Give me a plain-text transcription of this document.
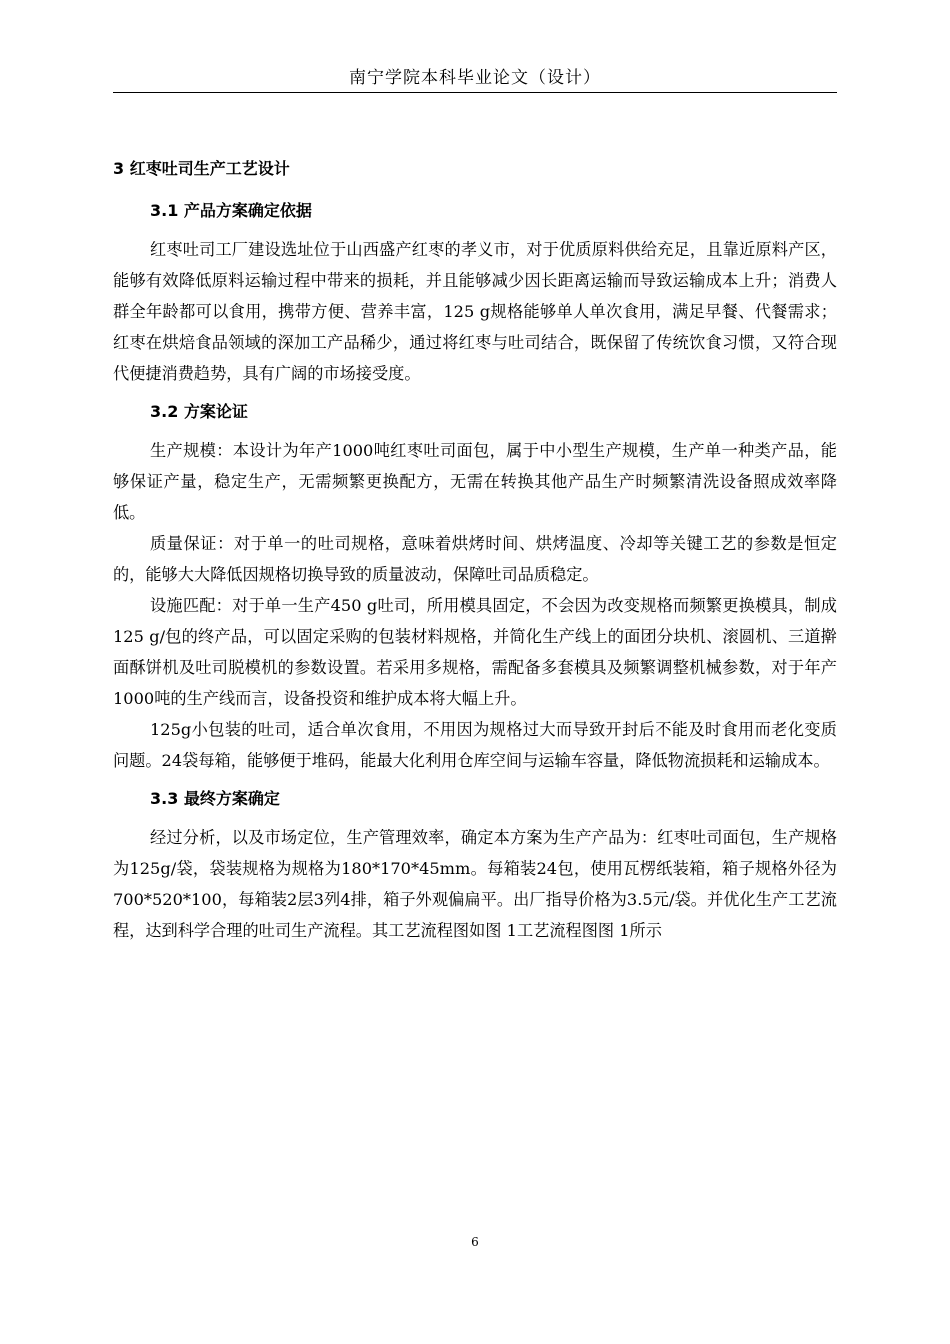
南宁学院本科毕业论文（设计）
3 红枣吐司生产工艺设计
3.1 产品方案确定依据

红枣吐司工厂建设选址位于山西盛产红枣的孝义市，对于优质原料供给充足，且靠近原料产区，能够有效降低原料运输过程中带来的损耗，并且能够减少因长距离运输而导致运输成本上升；消费人群全年龄都可以食用，携带方便、营养丰富，125 g规格能够单人单次食用，满足早餐、代餐需求；红枣在烘焙食品领域的深加工产品稀少，通过将红枣与吐司结合，既保留了传统饮食习惯，又符合现代便捷消费趋势，具有广阔的市场接受度。

3.2 方案论证

生产规模：本设计为年产1000吨红枣吐司面包，属于中小型生产规模，生产单一种类产品，能够保证产量，稳定生产，无需频繁更换配方，无需在转换其他产品生产时频繁清洗设备照成效率降低。

质量保证：对于单一的吐司规格，意味着烘烤时间、烘烤温度、冷却等关键工艺的参数是恒定的，能够大大降低因规格切换导致的质量波动，保障吐司品质稳定。

设施匹配：对于单一生产450 g吐司，所用模具固定，不会因为改变规格而频繁更换模具，制成125 g/包的终产品，可以固定采购的包装材料规格，并简化生产线上的面团分块机、滚圆机、三道擀面酥饼机及吐司脱模机的参数设置。若采用多规格，需配备多套模具及频繁调整机械参数，对于年产1000吨的生产线而言，设备投资和维护成本将大幅上升。

125g小包装的吐司，适合单次食用，不用因为规格过大而导致开封后不能及时食用而老化变质问题。24袋每箱，能够便于堆码，能最大化利用仓库空间与运输车容量，降低物流损耗和运输成本。

3.3 最终方案确定

经过分析，以及市场定位，生产管理效率，确定本方案为生产产品为：红枣吐司面包，生产规格为125g/袋，袋装规格为规格为180*170*45mm。每箱装24包，使用瓦楞纸装箱，箱子规格外径为700*520*100，每箱装2层3列4排，箱子外观偏扁平。出厂指导价格为3.5元/袋。并优化生产工艺流程，达到科学合理的吐司生产流程。其工艺流程图如图 1工艺流程图图 1所示

6
